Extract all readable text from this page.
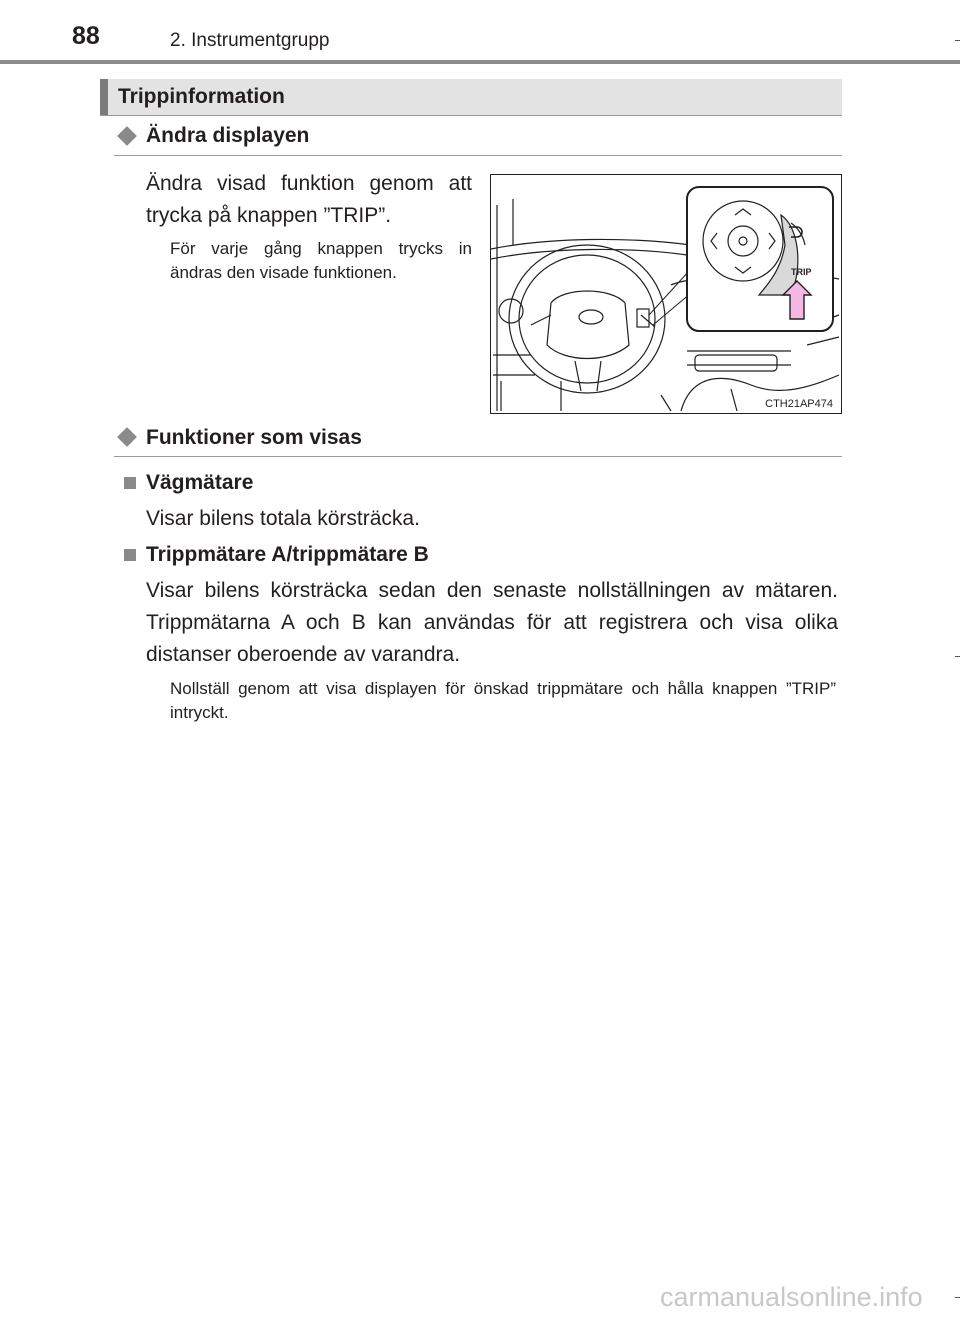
88	2. Instrumentgrupp
Trippinformation
Ändra displayen
Ändra visad funktion genom att trycka på knappen ”TRIP”.
För varje gång knappen trycks in ändras den visade funktionen.	TRIP
CTH21AP474
Funktioner som visas
Vägmätare
Visar bilens totala körsträcka.
Trippmätare A/trippmätare B
Visar bilens körsträcka sedan den senaste nollställningen av mätaren. Trippmätarna A och B kan användas för att registrera och visa olika distanser oberoende av varandra.
Nollställ genom att visa displayen för önskad trippmätare och hålla knappen ”TRIP” intryckt.
carmanualsonline.info
